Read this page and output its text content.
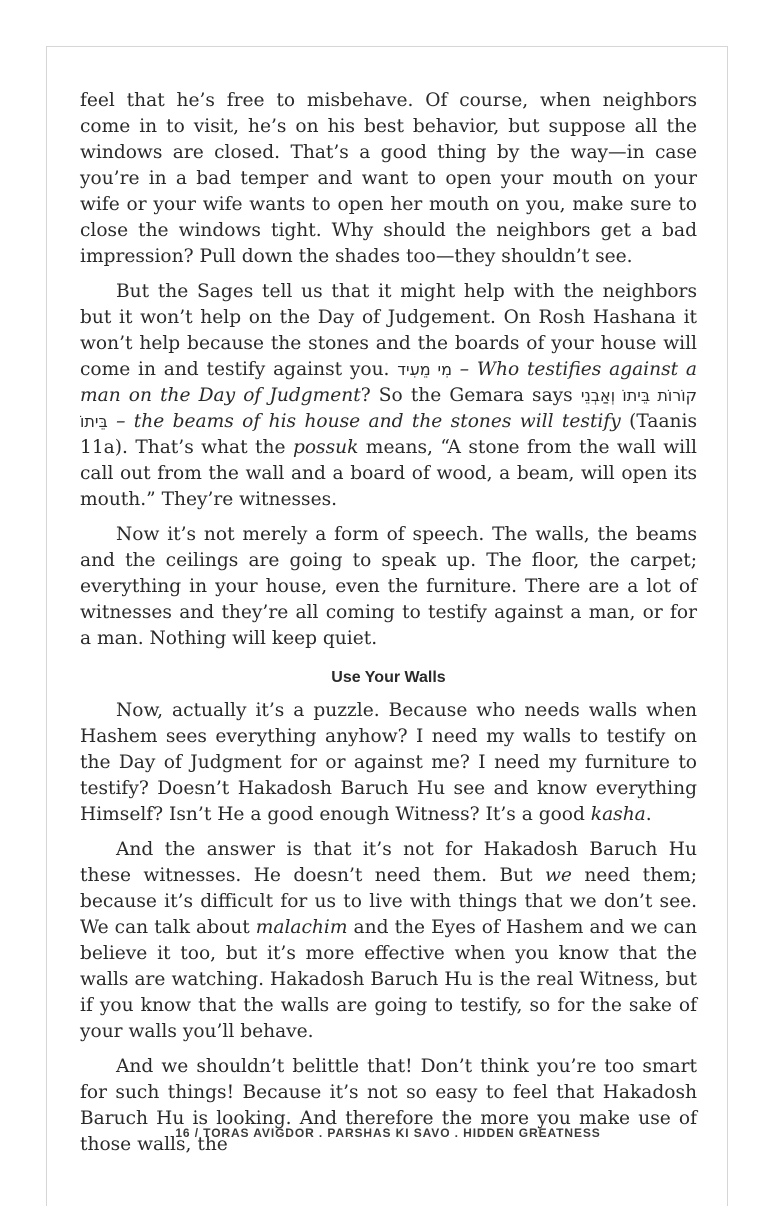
feel that he’s free to misbehave. Of course, when neighbors come in to visit, he’s on his best behavior, but suppose all the windows are closed. That’s a good thing by the way—in case you’re in a bad temper and want to open your mouth on your wife or your wife wants to open her mouth on you, make sure to close the windows tight. Why should the neighbors get a bad impression? Pull down the shades too—they shouldn’t see.

But the Sages tell us that it might help with the neighbors but it won’t help on the Day of Judgement. On Rosh Hashana it won’t help because the stones and the boards of your house will come in and testify against you. מִי מֵעִיד – Who testifies against a man on the Day of Judgment? So the Gemara says קוֹרוֹת בֵּיתוֹ וְאַבְנֵי בֵּיתוֹ – the beams of his house and the stones will testify (Taanis 11a). That’s what the possuk means, “A stone from the wall will call out from the wall and a board of wood, a beam, will open its mouth.” They’re witnesses.

Now it’s not merely a form of speech. The walls, the beams and the ceilings are going to speak up. The floor, the carpet; everything in your house, even the furniture. There are a lot of witnesses and they’re all coming to testify against a man, or for a man. Nothing will keep quiet.

Use Your Walls

Now, actually it’s a puzzle. Because who needs walls when Hashem sees everything anyhow? I need my walls to testify on the Day of Judgment for or against me? I need my furniture to testify? Doesn’t Hakadosh Baruch Hu see and know everything Himself? Isn’t He a good enough Witness? It’s a good kasha.

And the answer is that it’s not for Hakadosh Baruch Hu these witnesses. He doesn’t need them. But we need them; because it’s difficult for us to live with things that we don’t see. We can talk about malachim and the Eyes of Hashem and we can believe it too, but it’s more effective when you know that the walls are watching. Hakadosh Baruch Hu is the real Witness, but if you know that the walls are going to testify, so for the sake of your walls you’ll behave.

And we shouldn’t belittle that! Don’t think you’re too smart for such things! Because it’s not so easy to feel that Hakadosh Baruch Hu is looking. And therefore the more you make use of those walls, the

16 / TORAS AVIGDOR . PARSHAS KI SAVO . HIDDEN GREATNESS
